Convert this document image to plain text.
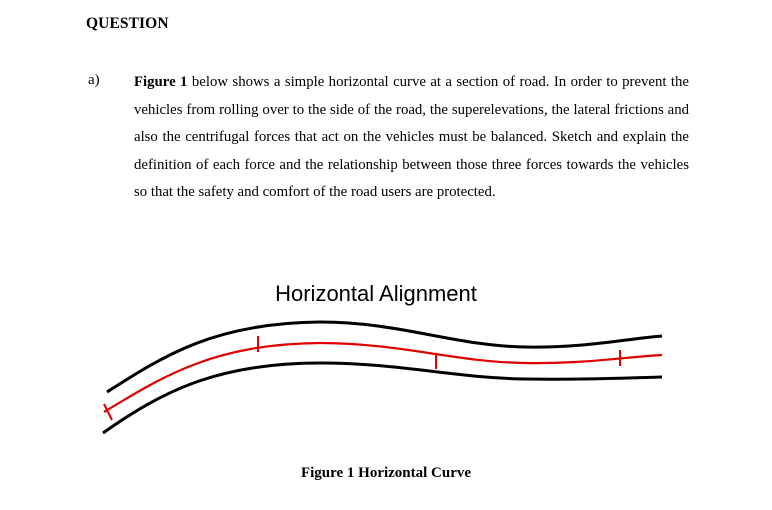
QUESTION
a) Figure 1 below shows a simple horizontal curve at a section of road. In order to prevent the vehicles from rolling over to the side of the road, the superelevations, the lateral frictions and also the centrifugal forces that act on the vehicles must be balanced. Sketch and explain the definition of each force and the relationship between those three forces towards the vehicles so that the safety and comfort of the road users are protected.
Horizontal Alignment
Figure 1 Horizontal Curve
